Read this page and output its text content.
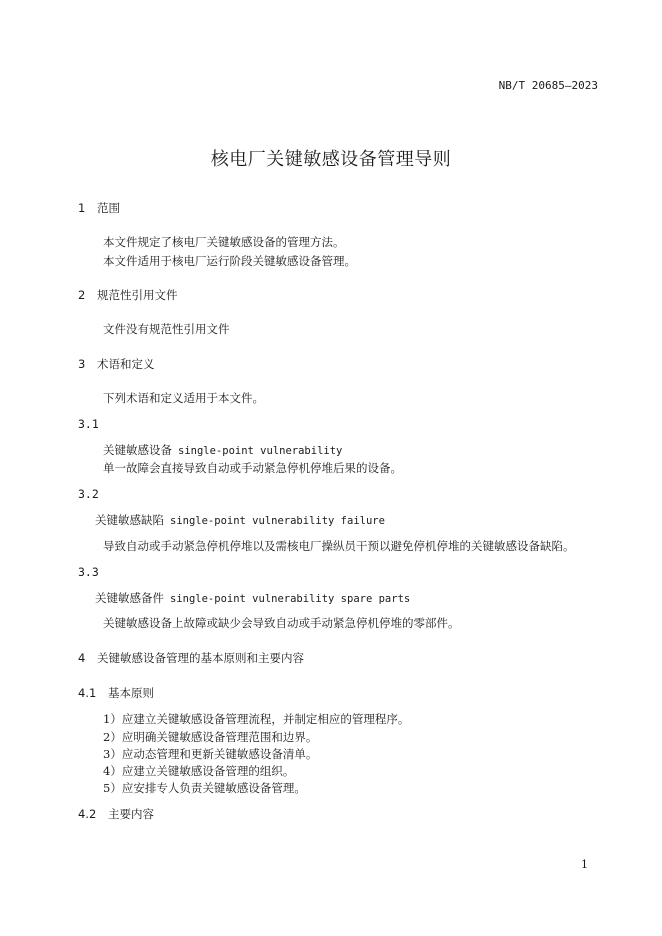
NB/T 20685—2023
核电厂关键敏感设备管理导则
1 范围
本文件规定了核电厂关键敏感设备的管理方法。
本文件适用于核电厂运行阶段关键敏感设备管理。
2 规范性引用文件
文件没有规范性引用文件
3 术语和定义
下列术语和定义适用于本文件。
3.1
关键敏感设备 single-point vulnerability
单一故障会直接导致自动或手动紧急停机停堆后果的设备。
3.2
关键敏感缺陷 single-point vulnerability failure
导致自动或手动紧急停机停堆以及需核电厂操纵员干预以避免停机停堆的关键敏感设备缺陷。
3.3
关键敏感备件 single-point vulnerability spare parts
关键敏感设备上故障或缺少会导致自动或手动紧急停机停堆的零部件。
4 关键敏感设备管理的基本原则和主要内容
4.1 基本原则
1）应建立关键敏感设备管理流程，并制定相应的管理程序。
2）应明确关键敏感设备管理范围和边界。
3）应动态管理和更新关键敏感设备清单。
4）应建立关键敏感设备管理的组织。
5）应安排专人负责关键敏感设备管理。
4.2 主要内容
1
